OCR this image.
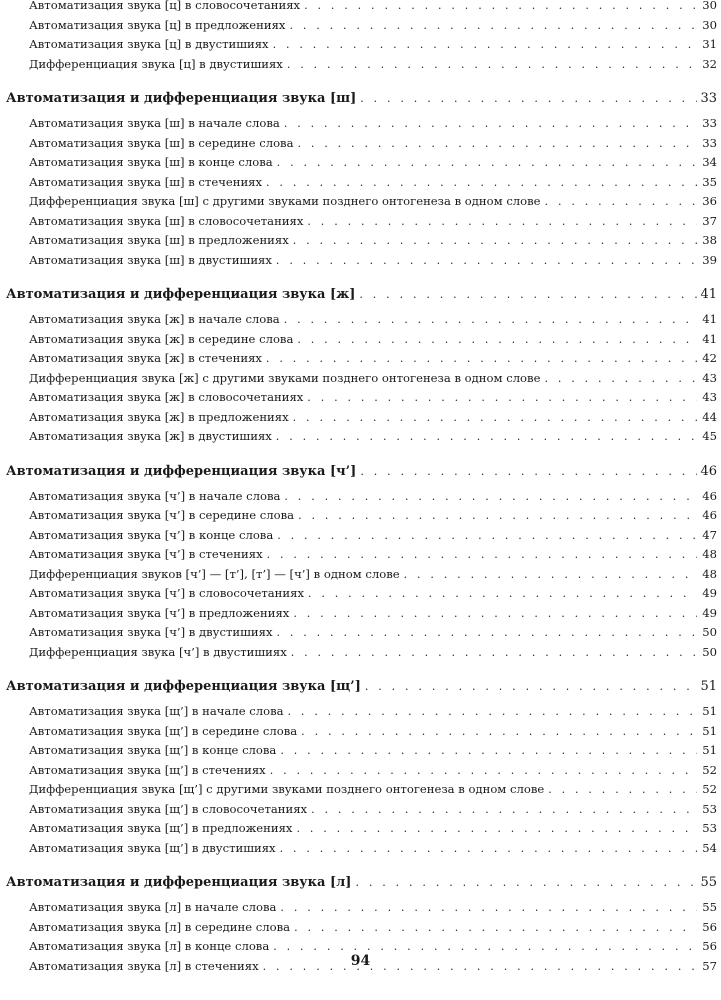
Автоматизация звука [ц] в словосочетаниях . . .	30
Автоматизация звука [ц] в предложениях . . .	30
Автоматизация звука [ц] в двустишиях . . .	31
Дифференциация звука [ц] в двустишиях . . .	32
Автоматизация и дифференциация звука [ш] . . .	33
Автоматизация звука [ш] в начале слова . . .	33
Автоматизация звука [ш] в середине слова . . .	33
Автоматизация звука [ш] в конце слова . . .	34
Автоматизация звука [ш] в стечениях . . .	35
Дифференциация звука [ш] с другими звуками позднего онтогенеза в одном слове . . .	36
Автоматизация звука [ш] в словосочетаниях . . .	37
Автоматизация звука [ш] в предложениях . . .	38
Автоматизация звука [ш] в двустишиях . . .	39
Автоматизация и дифференциация звука [ж] . . .	41
Автоматизация звука [ж] в начале слова . . .	41
Автоматизация звука [ж] в середине слова . . .	41
Автоматизация звука [ж] в стечениях . . .	42
Дифференциация звука [ж] с другими звуками позднего онтогенеза в одном слове . . .	43
Автоматизация звука [ж] в словосочетаниях . . .	43
Автоматизация звука [ж] в предложениях . . .	44
Автоматизация звука [ж] в двустишиях . . .	45
Автоматизация и дифференциация звука [ч’] . . .	46
Автоматизация звука [ч’] в начале слова . . .	46
Автоматизация звука [ч’] в середине слова . . .	46
Автоматизация звука [ч’] в конце слова . . .	47
Автоматизация звука [ч’] в стечениях . . .	48
Дифференциация звуков [ч’] — [т’], [т’] — [ч’] в одном слове . . .	48
Автоматизация звука [ч’] в словосочетаниях . . .	49
Автоматизация звука [ч’] в предложениях . . .	49
Автоматизация звука [ч’] в двустишиях . . .	50
Дифференциация звука [ч’] в двустишиях . . .	50
Автоматизация и дифференциация звука [щ’] . . .	51
Автоматизация звука [щ’] в начале слова . . .	51
Автоматизация звука [щ’] в середине слова . . .	51
Автоматизация звука [щ’] в конце слова . . .	51
Автоматизация звука [щ’] в стечениях . . .	52
Дифференциация звука [щ’] с другими звуками позднего онтогенеза в одном слове . . .	52
Автоматизация звука [щ’] в словосочетаниях . . .	53
Автоматизация звука [щ’] в предложениях . . .	53
Автоматизация звука [щ’] в двустишиях . . .	54
Автоматизация и дифференциация звука [л] . . .	55
Автоматизация звука [л] в начале слова . . .	55
Автоматизация звука [л] в середине слова . . .	56
Автоматизация звука [л] в конце слова . . .	56
Автоматизация звука [л] в стечениях . . .	57
94
